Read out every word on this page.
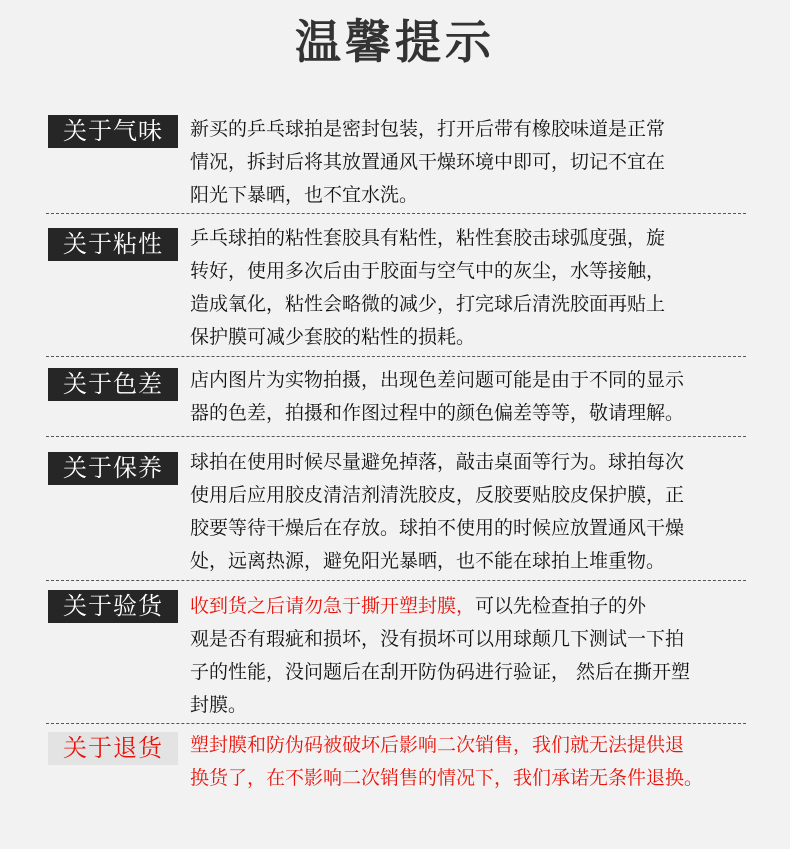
温馨提示
关于气味	新买的乒乓球拍是密封包装，打开后带有橡胶味道是正常
情况，拆封后将其放置通风干燥环境中即可，切记不宜在
阳光下暴晒，也不宜水洗。
关于粘性	乒乓球拍的粘性套胶具有粘性，粘性套胶击球弧度强，旋
转好，使用多次后由于胶面与空气中的灰尘，水等接触，
造成氧化，粘性会略微的减少，打完球后清洗胶面再贴上
保护膜可减少套胶的粘性的损耗。
关于色差	店内图片为实物拍摄，出现色差问题可能是由于不同的显示
器的色差，拍摄和作图过程中的颜色偏差等等，敬请理解。
关于保养	球拍在使用时候尽量避免掉落，敲击桌面等行为。球拍每次
使用后应用胶皮清洁剂清洗胶皮，反胶要贴胶皮保护膜，正
胶要等待干燥后在存放。球拍不使用的时候应放置通风干燥
处，远离热源，避免阳光暴晒，也不能在球拍上堆重物。
关于验货	收到货之后请勿急于撕开塑封膜，可以先检查拍子的外
观是否有瑕疵和损坏，没有损坏可以用球颠几下测试一下拍
子的性能，没问题后在刮开防伪码进行验证， 然后在撕开塑
封膜。
关于退货	塑封膜和防伪码被破坏后影响二次销售，我们就无法提供退
换货了，在不影响二次销售的情况下，我们承诺无条件退换。
